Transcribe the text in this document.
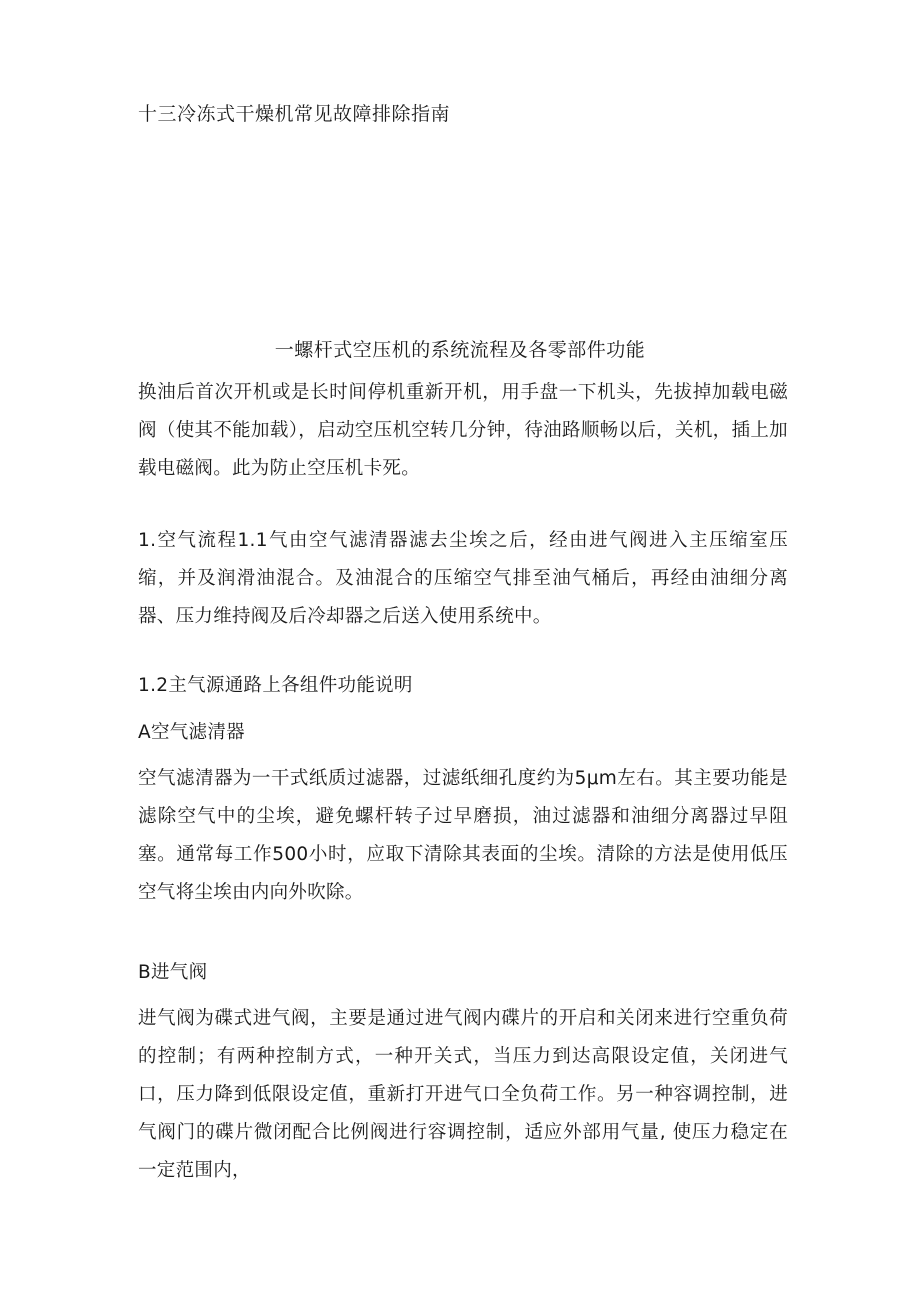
十三冷冻式干燥机常见故障排除指南
一螺杆式空压机的系统流程及各零部件功能

换油后首次开机或是长时间停机重新开机，用手盘一下机头，先拔掉加载电磁阀（使其不能加载），启动空压机空转几分钟，待油路顺畅以后，关机，插上加载电磁阀。此为防止空压机卡死。

1.空气流程1.1气由空气滤清器滤去尘埃之后，经由进气阀进入主压缩室压缩，并及润滑油混合。及油混合的压缩空气排至油气桶后，再经由油细分离器、压力维持阀及后冷却器之后送入使用系统中。

1.2主气源通路上各组件功能说明

A空气滤清器

空气滤清器为一干式纸质过滤器，过滤纸细孔度约为5μm左右。其主要功能是滤除空气中的尘埃，避免螺杆转子过早磨损，油过滤器和油细分离器过早阻塞。通常每工作500小时，应取下清除其表面的尘埃。清除的方法是使用低压空气将尘埃由内向外吹除。

B进气阀

进气阀为碟式进气阀，主要是通过进气阀内碟片的开启和关闭来进行空重负荷的控制；有两种控制方式，一种开关式，当压力到达高限设定值，关闭进气口，压力降到低限设定值，重新打开进气口全负荷工作。另一种容调控制，进气阀门的碟片微闭配合比例阀进行容调控制，适应外部用气量, 使压力稳定在一定范围内，
